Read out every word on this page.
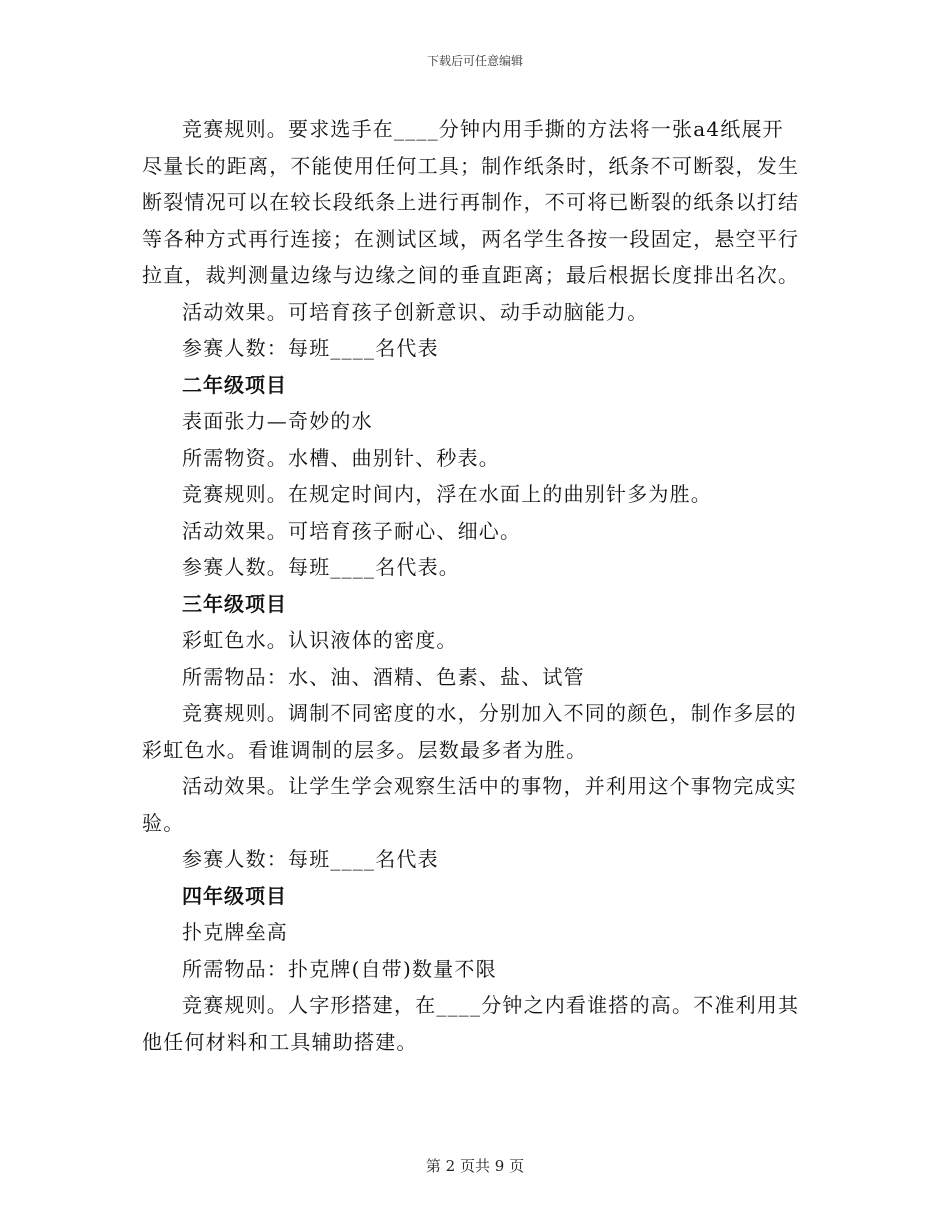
下载后可任意编辑

竞赛规则。要求选手在____分钟内用手撕的方法将一张a4纸展开尽量长的距离，不能使用任何工具；制作纸条时，纸条不可断裂，发生断裂情况可以在较长段纸条上进行再制作，不可将已断裂的纸条以打结等各种方式再行连接；在测试区域，两名学生各按一段固定，悬空平行拉直，裁判测量边缘与边缘之间的垂直距离；最后根据长度排出名次。

活动效果。可培育孩子创新意识、动手动脑能力。

参赛人数：每班____名代表

二年级项目

表面张力—奇妙的水

所需物资。水槽、曲别针、秒表。

竞赛规则。在规定时间内，浮在水面上的曲别针多为胜。

活动效果。可培育孩子耐心、细心。

参赛人数。每班____名代表。

三年级项目

彩虹色水。认识液体的密度。

所需物品：水、油、酒精、色素、盐、试管

竞赛规则。调制不同密度的水，分别加入不同的颜色，制作多层的彩虹色水。看谁调制的层多。层数最多者为胜。

活动效果。让学生学会观察生活中的事物，并利用这个事物完成实验。

参赛人数：每班____名代表

四年级项目

扑克牌垒高

所需物品：扑克牌(自带)数量不限

竞赛规则。人字形搭建，在____分钟之内看谁搭的高。不准利用其他任何材料和工具辅助搭建。

第 2 页共 9 页
